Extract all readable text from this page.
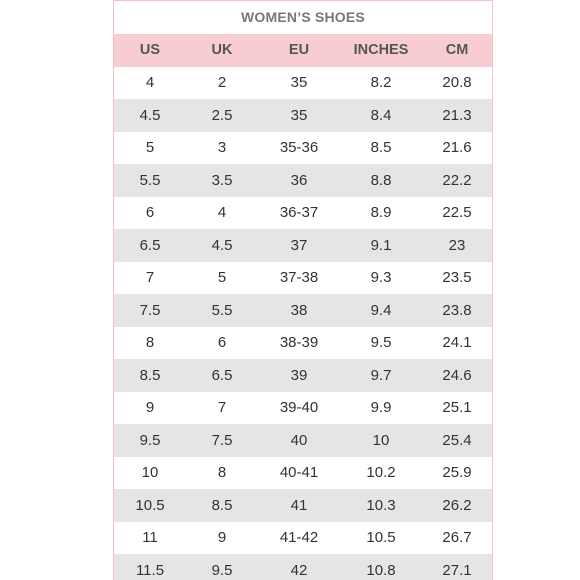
WOMEN’S SHOES
US	UK	EU	INCHES	CM
4	2	35	8.2	20.8
4.5	2.5	35	8.4	21.3
5	3	35-36	8.5	21.6
5.5	3.5	36	8.8	22.2
6	4	36-37	8.9	22.5
6.5	4.5	37	9.1	23
7	5	37-38	9.3	23.5
7.5	5.5	38	9.4	23.8
8	6	38-39	9.5	24.1
8.5	6.5	39	9.7	24.6
9	7	39-40	9.9	25.1
9.5	7.5	40	10	25.4
10	8	40-41	10.2	25.9
10.5	8.5	41	10.3	26.2
11	9	41-42	10.5	26.7
11.5	9.5	42	10.8	27.1
